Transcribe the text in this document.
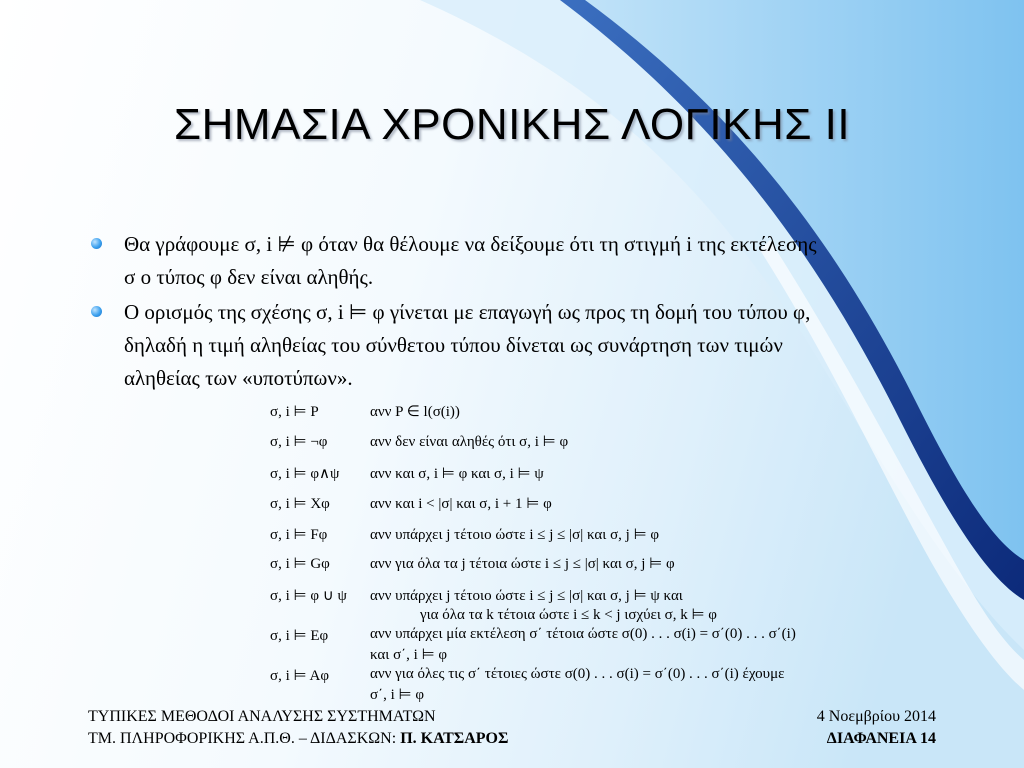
ΣΗΜΑΣΙΑ ΧΡΟΝΙΚΗΣ ΛΟΓΙΚΗΣ ΙΙ

Θα γράφουμε σ, i ⊭ φ όταν θα θέλουμε να δείξουμε ότι τη στιγμή i της εκτέλεσης

σ ο τύπος φ δεν είναι αληθής.

Ο ορισμός της σχέσης σ, i ⊨ φ γίνεται με επαγωγή ως προς τη δομή του τύπου φ,

δηλαδή η τιμή αληθείας του σύνθετου τύπου δίνεται ως συνάρτηση των τιμών

αληθείας των «υποτύπων».

σ, i ⊨ P	ανν P ∈ l(σ(i))
σ, i ⊨ ¬φ	ανν δεν είναι αληθές ότι σ, i ⊨ φ
σ, i ⊨ φ∧ψ	ανν και σ, i ⊨ φ και σ, i ⊨ ψ
σ, i ⊨ Xφ	ανν και i < |σ| και σ, i + 1 ⊨ φ
σ, i ⊨ Fφ	ανν υπάρχει j τέτοιο ώστε i ≤ j ≤ |σ| και σ, j ⊨ φ
σ, i ⊨ Gφ	ανν για όλα τα j τέτοια ώστε i ≤ j ≤ |σ| και σ, j ⊨ φ
σ, i ⊨ φ ∪ ψ	ανν υπάρχει j τέτοιο ώστε i ≤ j ≤ |σ| και σ, j ⊨ ψ και
για όλα τα k τέτοια ώστε i ≤ k < j ισχύει σ, k ⊨ φ
σ, i ⊨ Eφ	ανν υπάρχει μία εκτέλεση σ΄ τέτοια ώστε σ(0) . . . σ(i) = σ΄(0) . . . σ΄(i)
και σ΄, i ⊨ φ
σ, i ⊨ Aφ	ανν για όλες τις σ΄ τέτοιες ώστε σ(0) . . . σ(i) = σ΄(0) . . . σ΄(i) έχουμε
σ΄, i ⊨ φ
ΤΥΠΙΚΕΣ ΜΕΘΟΔΟΙ ΑΝΑΛΥΣΗΣ ΣΥΣΤΗΜΑΤΩΝ
ΤΜ. ΠΛΗΡΟΦΟΡΙΚΗΣ Α.Π.Θ. – ΔΙΔΑΣΚΩΝ: Π. ΚΑΤΣΑΡΟΣ
4 Νοεμβρίου 2014
ΔΙΑΦΑΝΕΙΑ 14
